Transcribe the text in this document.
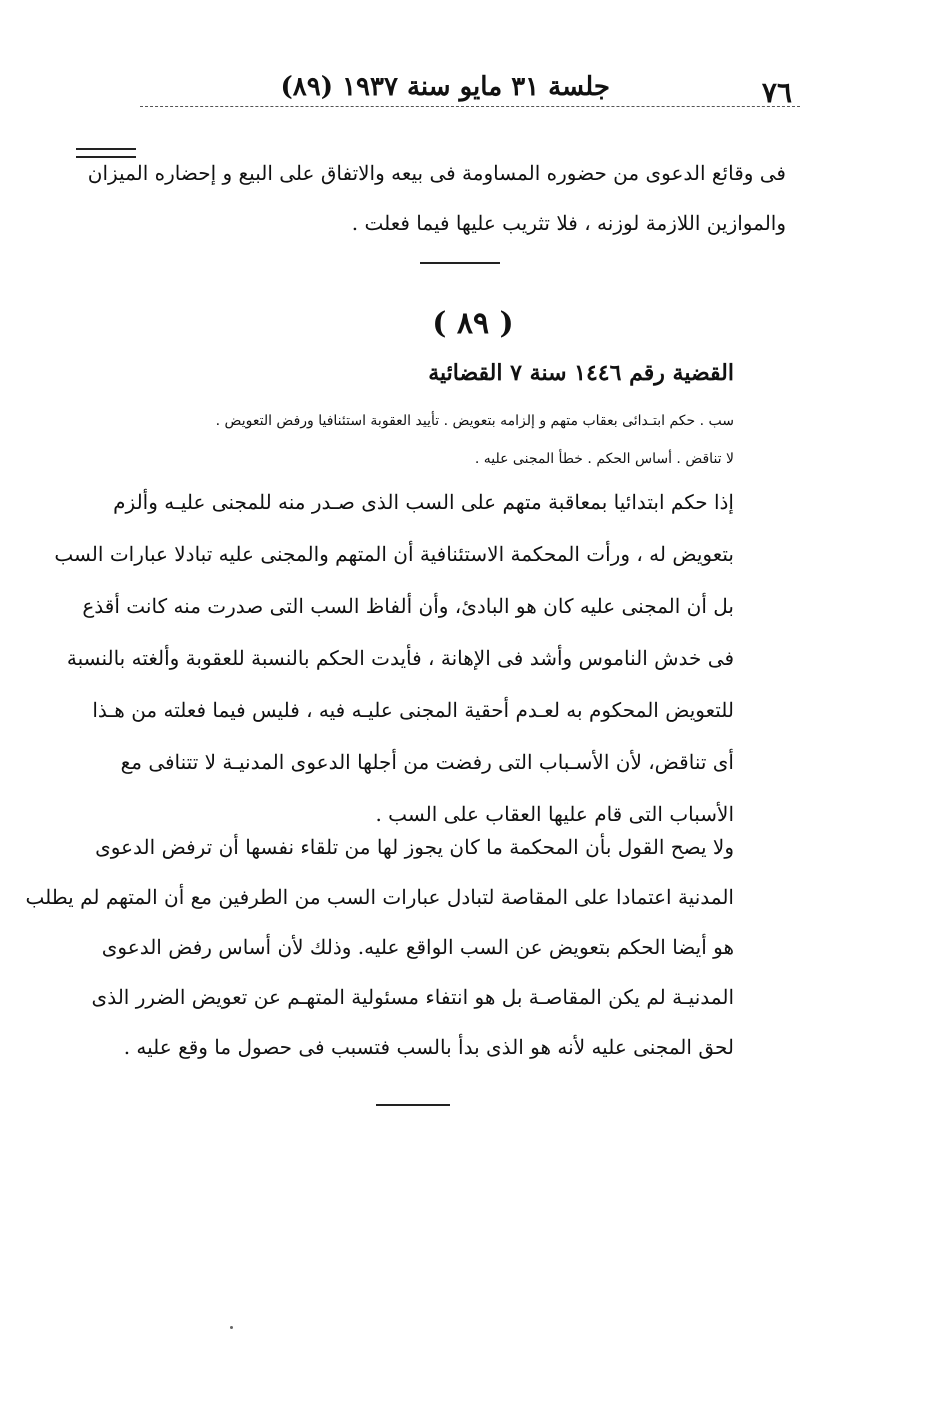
٧٦
جلسة ٣١ مايو سنة ١٩٣٧ (٨٩)
فى وقائع الدعوى من حضوره المساومة فى بيعه والاتفاق على البيع و إحضاره الميزان
والموازين اللازمة لوزنه ، فلا تثريب عليها فيما فعلت .
( ٨٩ )
القضية رقم ١٤٤٦ سنة ٧ القضائية
سب . حكم ابتـدائى بعقاب متهم و إلزامه بتعويض . تأييد العقوبة استئنافيا ورفض التعويض .
لا تناقض . أساس الحكم . خطأ المجنى عليه .
إذا حكم ابتدائيا بمعاقبة متهم على السب الذى صـدر منه للمجنى عليـه وألزم
بتعويض له ، ورأت المحكمة الاستئنافية أن المتهم والمجنى عليه تبادلا عبارات السب
بل أن المجنى عليه كان هو البادئ، وأن ألفاظ السب التى صدرت منه كانت أقذع
فى خدش الناموس وأشد فى الإهانة ، فأيدت الحكم بالنسبة للعقوبة وألغته بالنسبة
للتعويض المحكوم به لعـدم أحقية المجنى عليـه فيه ، فليس فيما فعلته من هـذا
أى تناقض، لأن الأسـباب التى رفضت من أجلها الدعوى المدنيـة لا تتنافى مع
الأسباب التى قام عليها العقاب على السب .
ولا يصح القول بأن المحكمة ما كان يجوز لها من تلقاء نفسها أن ترفض الدعوى
المدنية اعتمادا على المقاصة لتبادل عبارات السب من الطرفين مع أن المتهم لم يطلب
هو أيضا الحكم بتعويض عن السب الواقع عليه. وذلك لأن أساس رفض الدعوى
المدنيـة لم يكن المقاصـة بل هو انتفاء مسئولية المتهـم عن تعويض الضرر الذى
لحق المجنى عليه لأنه هو الذى بدأ بالسب فتسبب فى حصول ما وقع عليه .
